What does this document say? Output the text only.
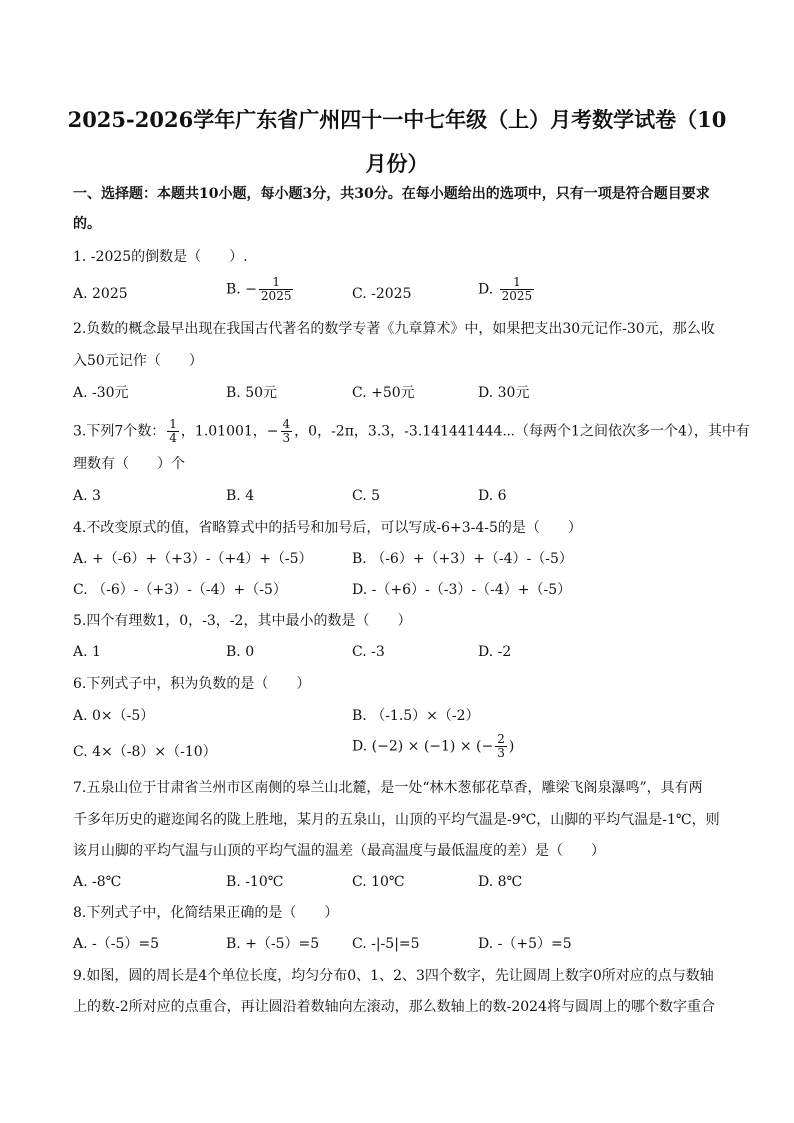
2025-2026学年广东省广州四十一中七年级（上）月考数学试卷（10
月份）
一、选择题：本题共10小题，每小题3分，共30分。在每小题给出的选项中，只有一项是符合题目要求
的。
1. -2025的倒数是（　　）.
A. 2025	B. − $\frac{1}{2025}$	C. -2025	D. $\frac{1}{2025}$
2.负数的概念最早出现在我国古代著名的数学专著《九章算术》中，如果把支出30元记作-30元，那么收
入50元记作（　　）
A. -30元	B. 50元	C. +50元	D. 30元
3.下列7个数： $\frac{1}{4}$ ，1.01001，− $\frac{4}{3}$ ，0，-2π，3.3，-3.141441444⋯（每两个1之间依次多一个4），其中有
理数有（　　）个
A. 3	B. 4	C. 5	D. 6
4.不改变原式的值，省略算式中的括号和加号后，可以写成-6+3-4-5的是（　　）
A. +（-6）+（+3）-（+4）+（-5）	B. （-6）+（+3）+（-4）-（-5）
C. （-6）-（+3）-（-4）+（-5）	D. -（+6）-（-3）-（-4）+（-5）
5.四个有理数1，0，-3，-2，其中最小的数是（　　）
A. 1	B. 0	C. -3	D. -2
6.下列式子中，积为负数的是（　　）
A. 0×（-5）	B. （-1.5）×（-2）
C. 4×（-8）×（-10）	D. (−2) × (−1) × (− $\frac{2}{3}$ )
7.五泉山位于甘肃省兰州市区南侧的皋兰山北麓，是一处“林木葱郁花草香，雕梁飞阁泉瀑鸣”，具有两
千多年历史的避迩闻名的陇上胜地，某月的五泉山，山顶的平均气温是-9℃，山脚的平均气温是-1℃，则
该月山脚的平均气温与山顶的平均气温的温差（最高温度与最低温度的差）是（　　）
A. -8℃	B. -10℃	C. 10℃	D. 8℃
8.下列式子中，化简结果正确的是（　　）
A. -（-5）=5	B. +（-5）=5 C. -|-5|=5	D. -（+5）=5
9.如图，圆的周长是4个单位长度，均匀分布0、1、2、3四个数字，先让圆周上数字0所对应的点与数轴
上的数-2所对应的点重合，再让圆沿着数轴向左滚动，那么数轴上的数-2024将与圆周上的哪个数字重合
